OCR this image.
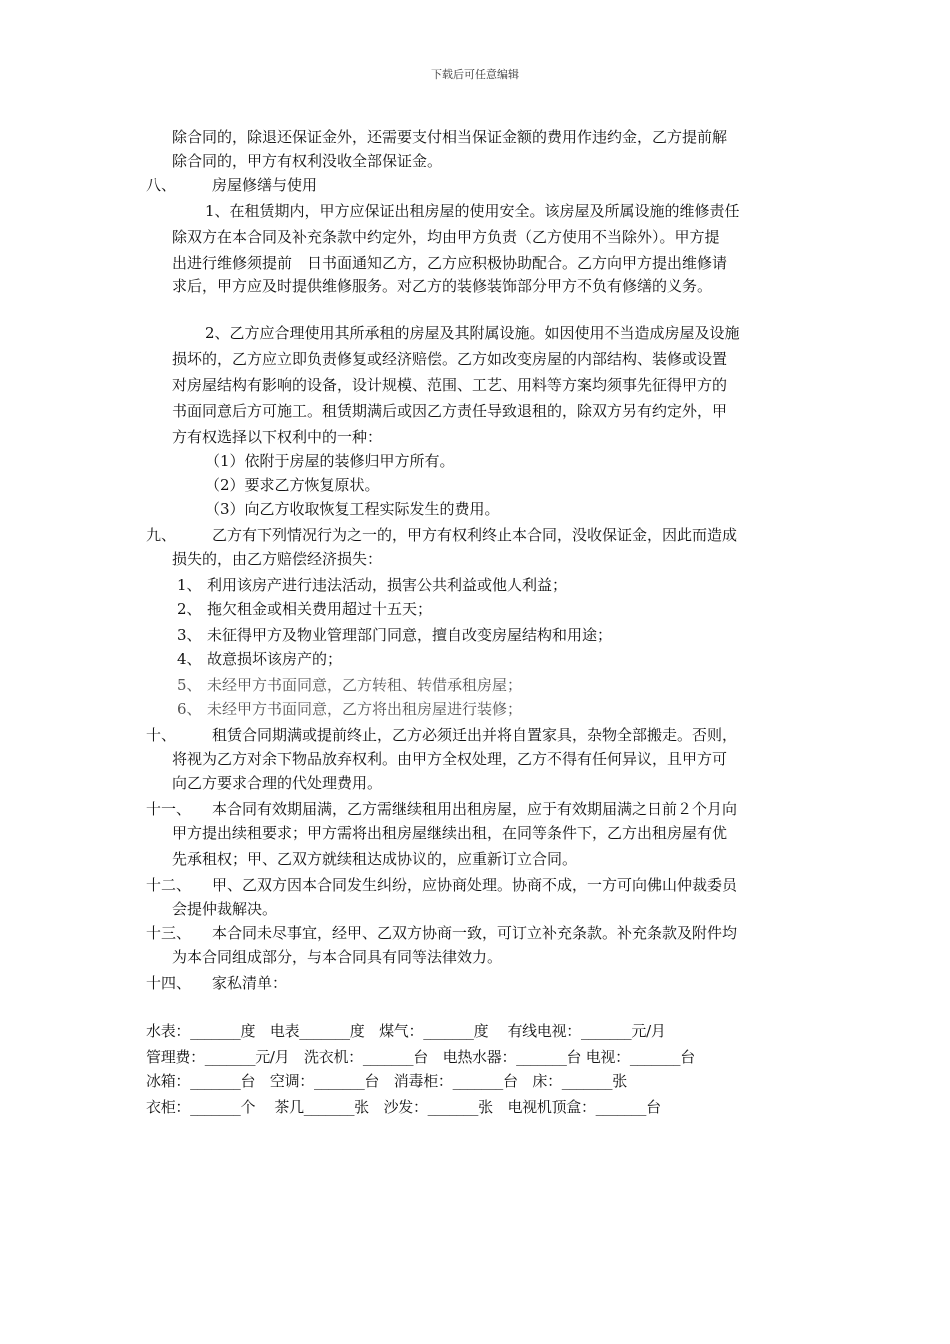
下载后可任意编辑
除合同的，除退还保证金外，还需要支付相当保证金额的费用作违约金，乙方提前解
除合同的，甲方有权利没收全部保证金。
八、 房屋修缮与使用
1、在租赁期内，甲方应保证出租房屋的使用安全。该房屋及所属设施的维修责任
除双方在本合同及补充条款中约定外，均由甲方负责（乙方使用不当除外）。甲方提
出进行维修须提前　日书面通知乙方，乙方应积极协助配合。乙方向甲方提出维修请
求后，甲方应及时提供维修服务。对乙方的装修装饰部分甲方不负有修缮的义务。
2、乙方应合理使用其所承租的房屋及其附属设施。如因使用不当造成房屋及设施
损坏的，乙方应立即负责修复或经济赔偿。乙方如改变房屋的内部结构、装修或设置
对房屋结构有影响的设备，设计规模、范围、工艺、用料等方案均须事先征得甲方的
书面同意后方可施工。租赁期满后或因乙方责任导致退租的，除双方另有约定外，甲
方有权选择以下权利中的一种：
（1）依附于房屋的装修归甲方所有。
（2）要求乙方恢复原状。
（3）向乙方收取恢复工程实际发生的费用。
九、 乙方有下列情况行为之一的，甲方有权利终止本合同，没收保证金，因此而造成
损失的，由乙方赔偿经济损失：
1、 利用该房产进行违法活动，损害公共利益或他人利益；
2、 拖欠租金或相关费用超过十五天；
3、 未征得甲方及物业管理部门同意，擅自改变房屋结构和用途；
4、 故意损坏该房产的；
5、 未经甲方书面同意，乙方转租、转借承租房屋；
6、 未经甲方书面同意，乙方将出租房屋进行装修；
十、 租赁合同期满或提前终止，乙方必须迁出并将自置家具，杂物全部搬走。否则，
将视为乙方对余下物品放弃权利。由甲方全权处理，乙方不得有任何异议，且甲方可
向乙方要求合理的代处理费用。
十一、 本合同有效期届满，乙方需继续租用出租房屋，应于有效期届满之日前２个月向
甲方提出续租要求；甲方需将出租房屋继续出租，在同等条件下，乙方出租房屋有优
先承租权；甲、乙双方就续租达成协议的，应重新订立合同。
十二、 甲、乙双方因本合同发生纠纷，应协商处理。协商不成，一方可向佛山仲裁委员
会提仲裁解决。
十三、 本合同未尽事宜，经甲、乙双方协商一致，可订立补充条款。补充条款及附件均
为本合同组成部分，与本合同具有同等法律效力。
十四、 家私清单：
水表：_______度　电表_______度　煤气：_______度　 有线电视：_______元/月
管理费：_______元/月　洗衣机：_______台　电热水器：_______台 电视：_______台
冰箱：_______台　空调：_______台　消毒柜：_______台　床：_______张
衣柜：_______个　 茶几_______张　沙发：_______张　电视机顶盒：_______台
